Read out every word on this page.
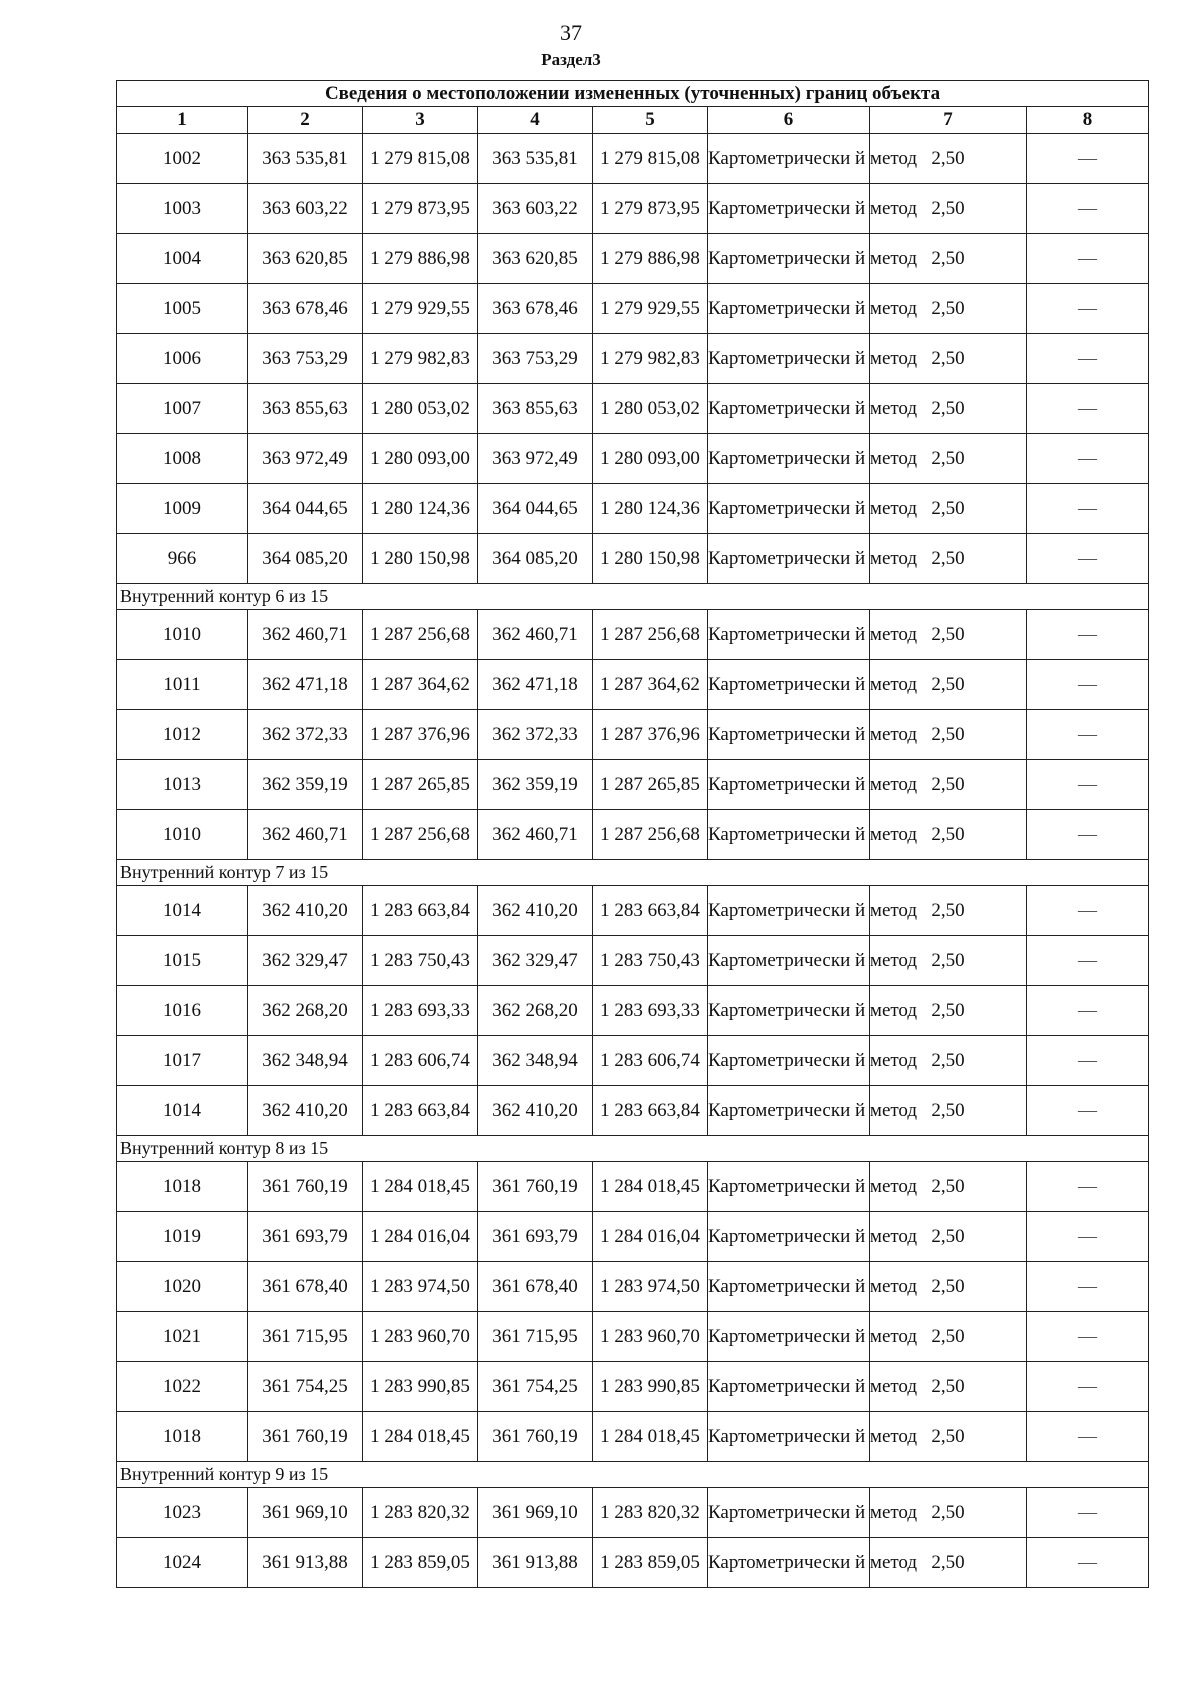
37
Раздел3
Сведения о местоположении измененных (уточненных) границ объекта							
1	2	3	4	5	6	7	8
1002	363 535,81	1 279 815,08	363 535,81	1 279 815,08	Картометрически й метод	2,50	—
1003	363 603,22	1 279 873,95	363 603,22	1 279 873,95	Картометрически й метод	2,50	—
1004	363 620,85	1 279 886,98	363 620,85	1 279 886,98	Картометрически й метод	2,50	—
1005	363 678,46	1 279 929,55	363 678,46	1 279 929,55	Картометрически й метод	2,50	—
1006	363 753,29	1 279 982,83	363 753,29	1 279 982,83	Картометрически й метод	2,50	—
1007	363 855,63	1 280 053,02	363 855,63	1 280 053,02	Картометрически й метод	2,50	—
1008	363 972,49	1 280 093,00	363 972,49	1 280 093,00	Картометрически й метод	2,50	—
1009	364 044,65	1 280 124,36	364 044,65	1 280 124,36	Картометрически й метод	2,50	—
966	364 085,20	1 280 150,98	364 085,20	1 280 150,98	Картометрически й метод	2,50	—
Внутренний контур 6 из 15							
1010	362 460,71	1 287 256,68	362 460,71	1 287 256,68	Картометрически й метод	2,50	—
1011	362 471,18	1 287 364,62	362 471,18	1 287 364,62	Картометрически й метод	2,50	—
1012	362 372,33	1 287 376,96	362 372,33	1 287 376,96	Картометрически й метод	2,50	—
1013	362 359,19	1 287 265,85	362 359,19	1 287 265,85	Картометрически й метод	2,50	—
1010	362 460,71	1 287 256,68	362 460,71	1 287 256,68	Картометрически й метод	2,50	—
Внутренний контур 7 из 15							
1014	362 410,20	1 283 663,84	362 410,20	1 283 663,84	Картометрически й метод	2,50	—
1015	362 329,47	1 283 750,43	362 329,47	1 283 750,43	Картометрически й метод	2,50	—
1016	362 268,20	1 283 693,33	362 268,20	1 283 693,33	Картометрически й метод	2,50	—
1017	362 348,94	1 283 606,74	362 348,94	1 283 606,74	Картометрически й метод	2,50	—
1014	362 410,20	1 283 663,84	362 410,20	1 283 663,84	Картометрически й метод	2,50	—
Внутренний контур 8 из 15							
1018	361 760,19	1 284 018,45	361 760,19	1 284 018,45	Картометрически й метод	2,50	—
1019	361 693,79	1 284 016,04	361 693,79	1 284 016,04	Картометрически й метод	2,50	—
1020	361 678,40	1 283 974,50	361 678,40	1 283 974,50	Картометрически й метод	2,50	—
1021	361 715,95	1 283 960,70	361 715,95	1 283 960,70	Картометрически й метод	2,50	—
1022	361 754,25	1 283 990,85	361 754,25	1 283 990,85	Картометрически й метод	2,50	—
1018	361 760,19	1 284 018,45	361 760,19	1 284 018,45	Картометрически й метод	2,50	—
Внутренний контур 9 из 15							
1023	361 969,10	1 283 820,32	361 969,10	1 283 820,32	Картометрически й метод	2,50	—
1024	361 913,88	1 283 859,05	361 913,88	1 283 859,05	Картометрически й метод	2,50	—
